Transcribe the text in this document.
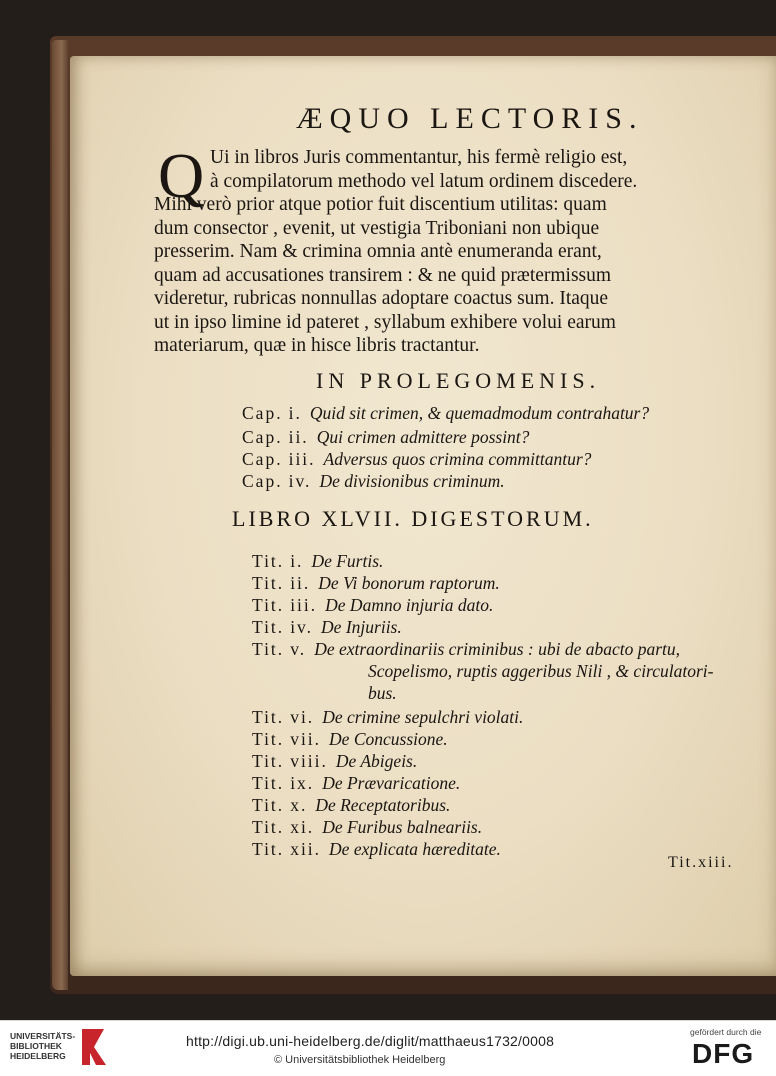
ÆQUO LECTORIS.
Q Ui in libros Juris commentantur, his fermè religio est,
à compilatorum methodo vel latum ordinem discedere.
Mihi verò prior atque potior fuit discentium utilitas: quam
dum consector , evenit, ut vestigia Triboniani non ubique
presserim. Nam & crimina omnia antè enumeranda erant,
quam ad accusationes transirem : & ne quid prætermissum
videretur, rubricas nonnullas adoptare coactus sum. Itaque
ut in ipso limine id pateret , syllabum exhibere volui earum
materiarum, quæ in hisce libris tractantur.
IN PROLEGOMENIS.
Cap. i. Quid sit crimen, & quemadmodum contrahatur?
Cap. ii. Qui crimen admittere possint?
Cap. iii. Adversus quos crimina committantur?
Cap. iv. De divisionibus criminum.
LIBRO XLVII. DIGESTORUM.
Tit. i. De Furtis.
Tit. ii. De Vi bonorum raptorum.
Tit. iii. De Damno injuria dato.
Tit. iv. De Injuriis.
Tit. v. De extraordinariis criminibus : ubi de abacto partu,
Scopelismo, ruptis aggeribus Nili , & circulatori-
bus.
Tit. vi. De crimine sepulchri violati.
Tit. vii. De Concussione.
Tit. viii. De Abigeis.
Tit. ix. De Prævaricatione.
Tit. x. De Receptatoribus.
Tit. xi. De Furibus balneariis.
Tit. xii. De explicata hæreditate.
Tit.xiii.
UNIVERSITÄTS-
BIBLIOTHEK
HEIDELBERG
http://digi.ub.uni-heidelberg.de/diglit/matthaeus1732/0008
© Universitätsbibliothek Heidelberg
gefördert durch die
DFG
